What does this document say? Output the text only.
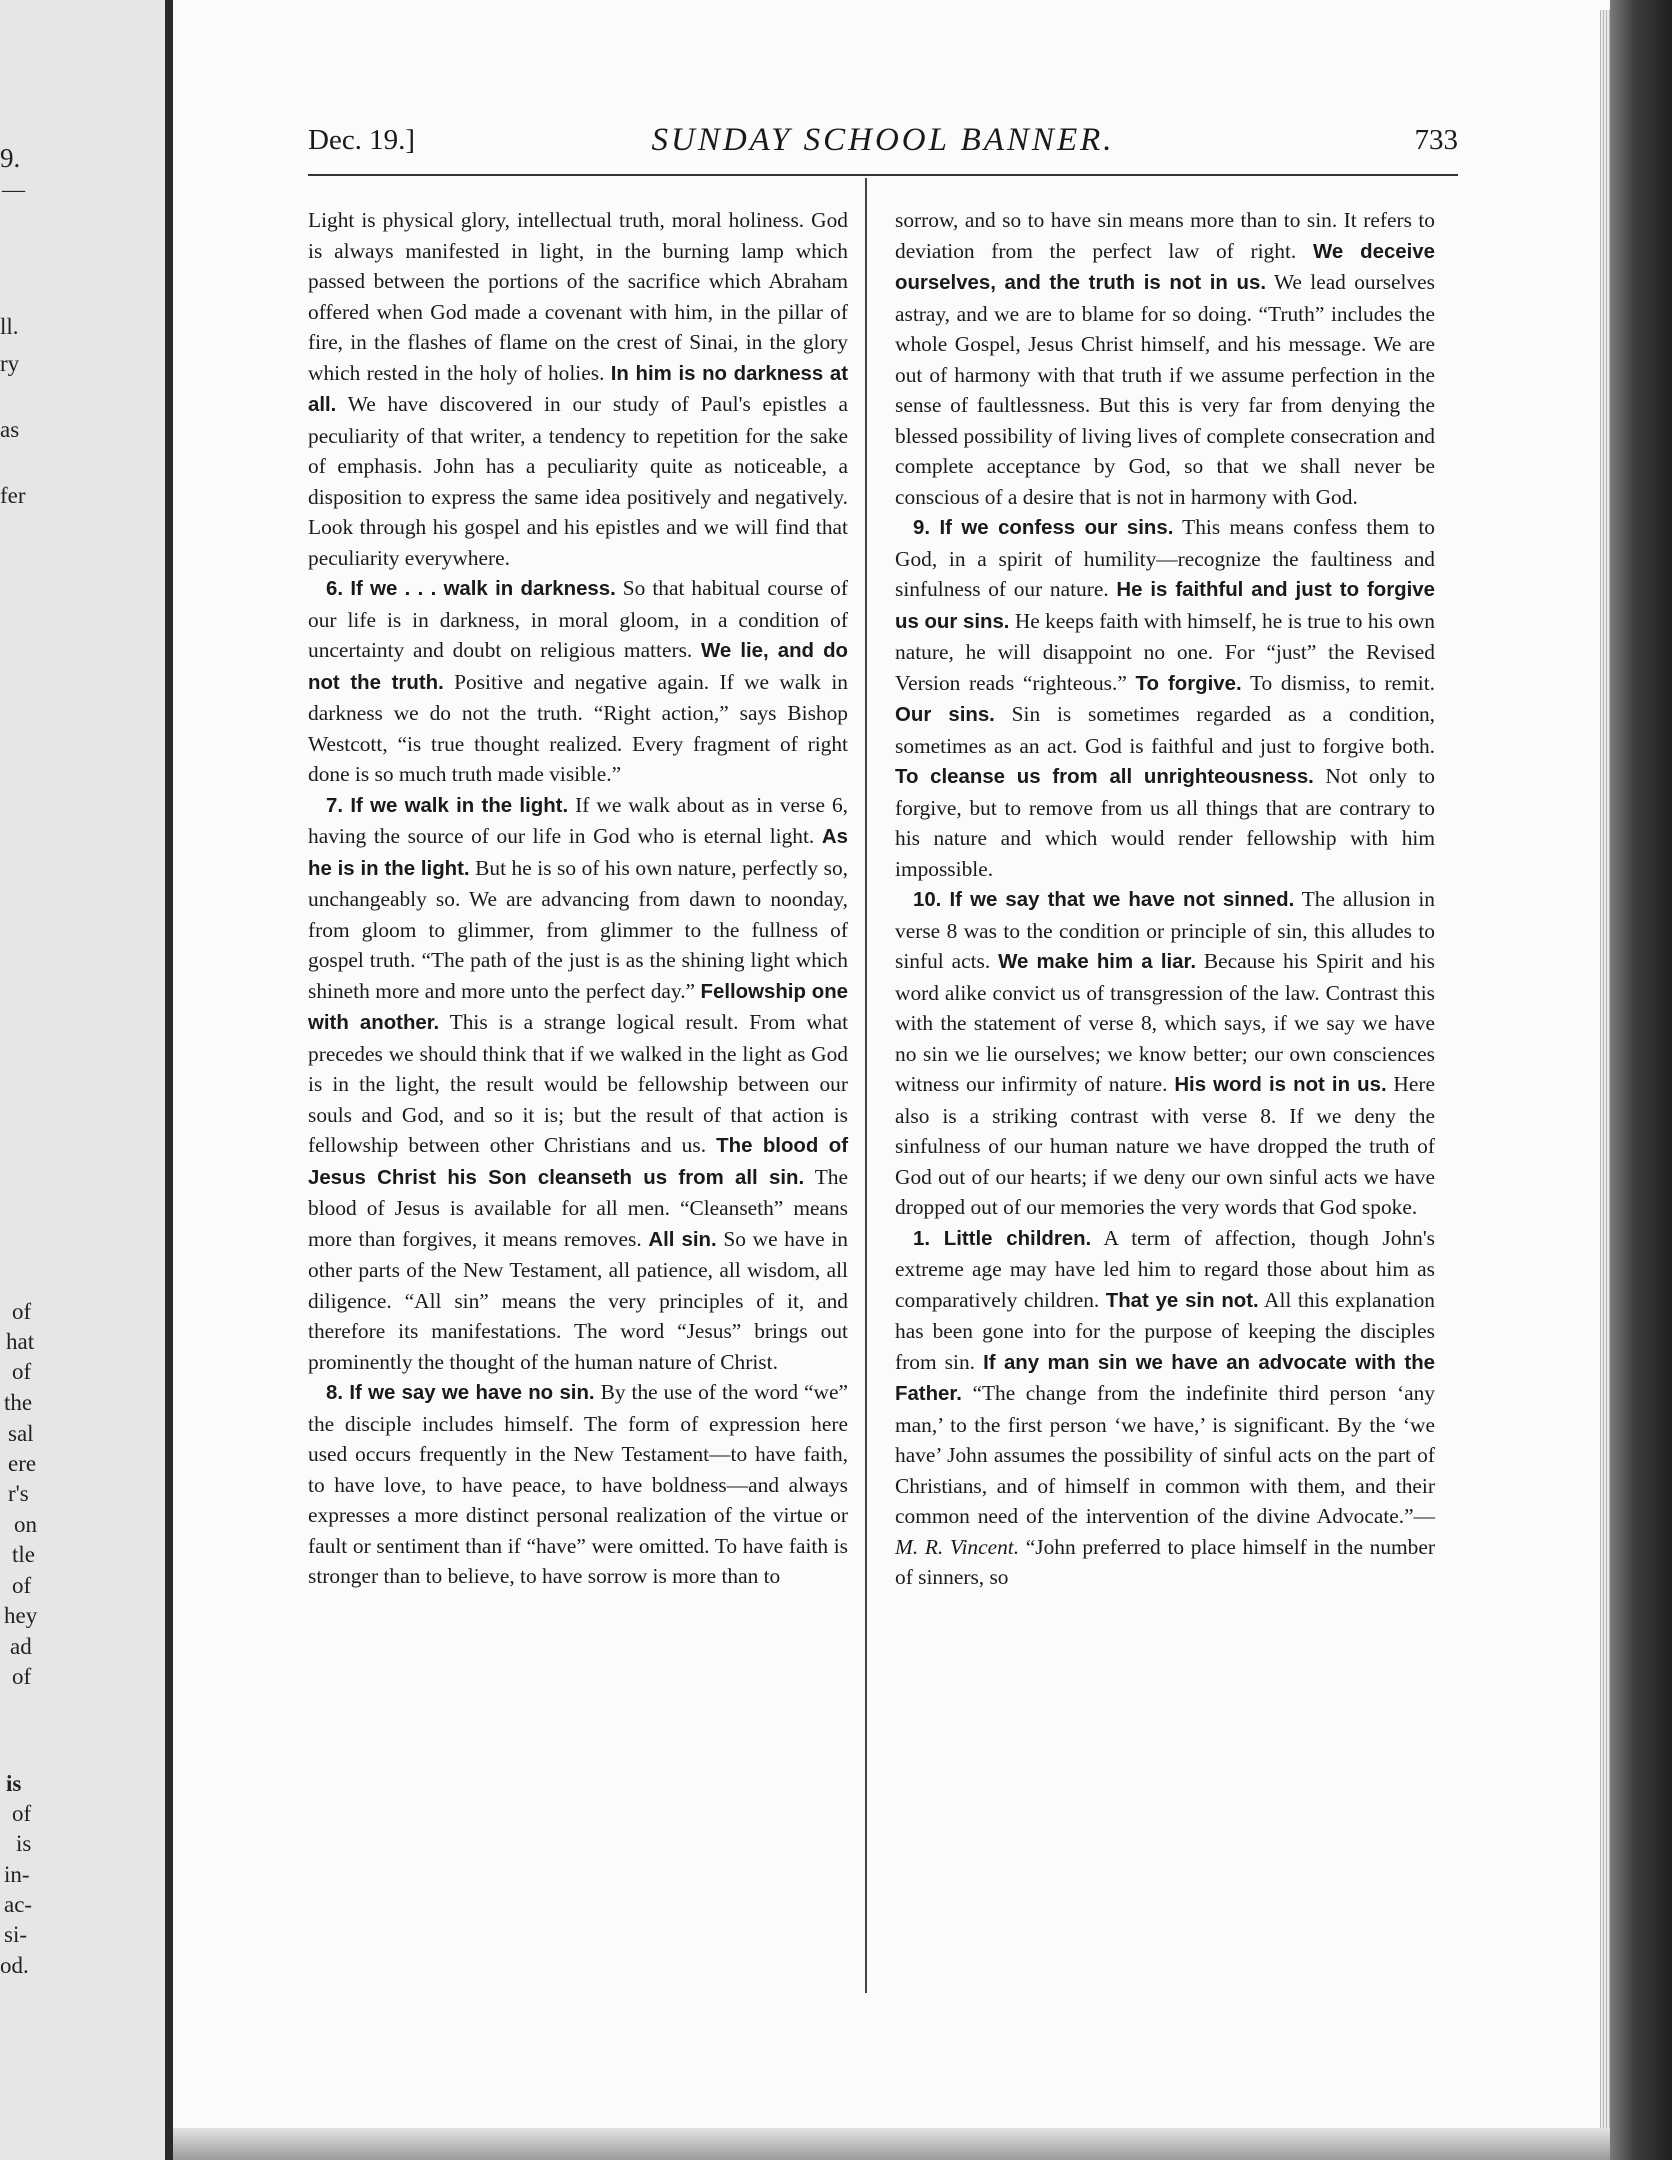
9.
—
ll.
ry
as
fer
of
hat
of
the
sal
ere
r's
on
tle
of
hey
ad
of
is
of
is
in-
ac-
si-
od.
Dec. 19.]	SUNDAY SCHOOL BANNER.	733

Light is physical glory, intellectual truth, moral holiness. God is always manifested in light, in the burning lamp which passed between the portions of the sacrifice which Abraham offered when God made a covenant with him, in the pillar of fire, in the flashes of flame on the crest of Sinai, in the glory which rested in the holy of holies. In him is no darkness at all. We have discovered in our study of Paul's epistles a peculiarity of that writer, a tendency to repetition for the sake of emphasis. John has a peculiarity quite as noticeable, a disposition to express the same idea positively and negatively. Look through his gospel and his epistles and we will find that peculiarity everywhere.

6. If we . . . walk in darkness. So that habitual course of our life is in darkness, in moral gloom, in a condition of uncertainty and doubt on religious matters. We lie, and do not the truth. Positive and negative again. If we walk in darkness we do not the truth. “Right action,” says Bishop Westcott, “is true thought realized. Every fragment of right done is so much truth made visible.”

7. If we walk in the light. If we walk about as in verse 6, having the source of our life in God who is eternal light. As he is in the light. But he is so of his own nature, perfectly so, unchangeably so. We are advancing from dawn to noonday, from gloom to glimmer, from glimmer to the fullness of gospel truth. “The path of the just is as the shining light which shineth more and more unto the perfect day.” Fellowship one with another. This is a strange logical result. From what precedes we should think that if we walked in the light as God is in the light, the result would be fellowship between our souls and God, and so it is; but the result of that action is fellowship between other Christians and us. The blood of Jesus Christ his Son cleanseth us from all sin. The blood of Jesus is available for all men. “Cleanseth” means more than forgives, it means removes. All sin. So we have in other parts of the New Testament, all patience, all wisdom, all diligence. “All sin” means the very principles of it, and therefore its manifestations. The word “Jesus” brings out prominently the thought of the human nature of Christ.

8. If we say we have no sin. By the use of the word “we” the disciple includes himself. The form of expression here used occurs frequently in the New Testament—to have faith, to have love, to have peace, to have boldness—and always expresses a more distinct personal realization of the virtue or fault or sentiment than if “have” were omitted. To have faith is stronger than to believe, to have sorrow is more than to

sorrow, and so to have sin means more than to sin. It refers to deviation from the perfect law of right. We deceive ourselves, and the truth is not in us. We lead ourselves astray, and we are to blame for so doing. “Truth” includes the whole Gospel, Jesus Christ himself, and his message. We are out of harmony with that truth if we assume perfection in the sense of faultlessness. But this is very far from denying the blessed possibility of living lives of complete consecration and complete acceptance by God, so that we shall never be conscious of a desire that is not in harmony with God.

9. If we confess our sins. This means confess them to God, in a spirit of humility—recognize the faultiness and sinfulness of our nature. He is faithful and just to forgive us our sins. He keeps faith with himself, he is true to his own nature, he will disappoint no one. For “just” the Revised Version reads “righteous.” To forgive. To dismiss, to remit. Our sins. Sin is sometimes regarded as a condition, sometimes as an act. God is faithful and just to forgive both. To cleanse us from all unrighteousness. Not only to forgive, but to remove from us all things that are contrary to his nature and which would render fellowship with him impossible.

10. If we say that we have not sinned. The allusion in verse 8 was to the condition or principle of sin, this alludes to sinful acts. We make him a liar. Because his Spirit and his word alike convict us of transgression of the law. Contrast this with the statement of verse 8, which says, if we say we have no sin we lie ourselves; we know better; our own consciences witness our infirmity of nature. His word is not in us. Here also is a striking contrast with verse 8. If we deny the sinfulness of our human nature we have dropped the truth of God out of our hearts; if we deny our own sinful acts we have dropped out of our memories the very words that God spoke.

1. Little children. A term of affection, though John's extreme age may have led him to regard those about him as comparatively children. That ye sin not. All this explanation has been gone into for the purpose of keeping the disciples from sin. If any man sin we have an advocate with the Father. “The change from the indefinite third person ‘any man,’ to the first person ‘we have,’ is significant. By the ‘we have’ John assumes the possibility of sinful acts on the part of Christians, and of himself in common with them, and their common need of the intervention of the divine Advocate.”—M. R. Vincent. “John preferred to place himself in the number of sinners, so
